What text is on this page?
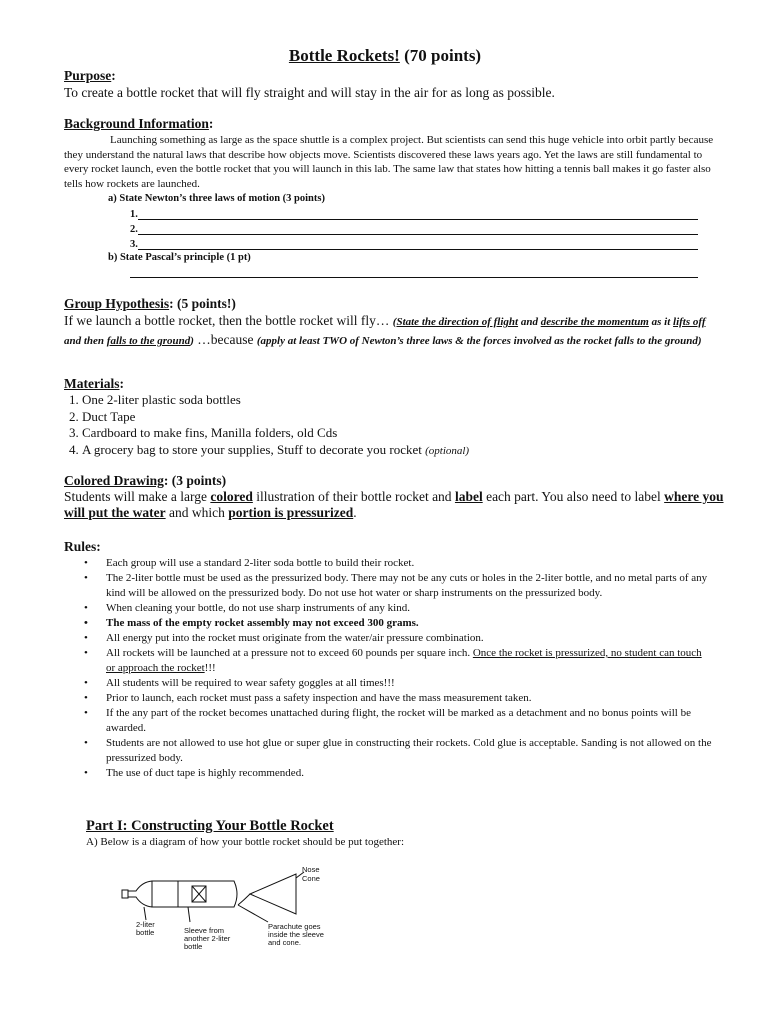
Bottle Rockets! (70 points)
Purpose:
To create a bottle rocket that will fly straight and will stay in the air for as long as possible.
Background Information:
Launching something as large as the space shuttle is a complex project. But scientists can send this huge vehicle into orbit partly because they understand the natural laws that describe how objects move. Scientists discovered these laws years ago. Yet the laws are still fundamental to every rocket launch, even the bottle rocket that you will launch in this lab. The same law that states how hitting a tennis ball makes it go faster also tells how rockets are launched.
a) State Newton’s three laws of motion (3 points)
1.
2.
3.
b) State Pascal’s principle (1 pt)
Group Hypothesis: (5 points!)
If we launch a bottle rocket, then the bottle rocket will fly… (State the direction of flight and describe the momentum as it lifts off and then falls to the ground) …because (apply at least TWO of Newton’s three laws & the forces involved as the rocket falls to the ground)
Materials:
1. One 2-liter plastic soda bottles
2. Duct Tape
3. Cardboard to make fins, Manilla folders, old Cds
4. A grocery bag to store your supplies, Stuff to decorate you rocket (optional)
Colored Drawing: (3 points)
Students will make a large colored illustration of their bottle rocket and label each part. You also need to label where you will put the water and which portion is pressurized.
Rules:
• Each group will use a standard 2-liter soda bottle to build their rocket.
• The 2-liter bottle must be used as the pressurized body. There may not be any cuts or holes in the 2-liter bottle, and no metal parts of any kind will be allowed on the pressurized body. Do not use hot water or sharp instruments on the pressurized body.
• When cleaning your bottle, do not use sharp instruments of any kind.
• The mass of the empty rocket assembly may not exceed 300 grams.
• All energy put into the rocket must originate from the water/air pressure combination.
• All rockets will be launched at a pressure not to exceed 60 pounds per square inch. Once the rocket is pressurized, no student can touch or approach the rocket!!!
• All students will be required to wear safety goggles at all times!!!
• Prior to launch, each rocket must pass a safety inspection and have the mass measurement taken.
• If the any part of the rocket becomes unattached during flight, the rocket will be marked as a detachment and no bonus points will be awarded.
• Students are not allowed to use hot glue or super glue in constructing their rockets. Cold glue is acceptable. Sanding is not allowed on the pressurized body.
• The use of duct tape is highly recommended.
Part I: Constructing Your Bottle Rocket
A) Below is a diagram of how your bottle rocket should be put together:
Nose
Cone
2-liter
bottle	Sleeve from
another 2-liter
bottle
Parachute goes
inside the sleeve
and cone.
